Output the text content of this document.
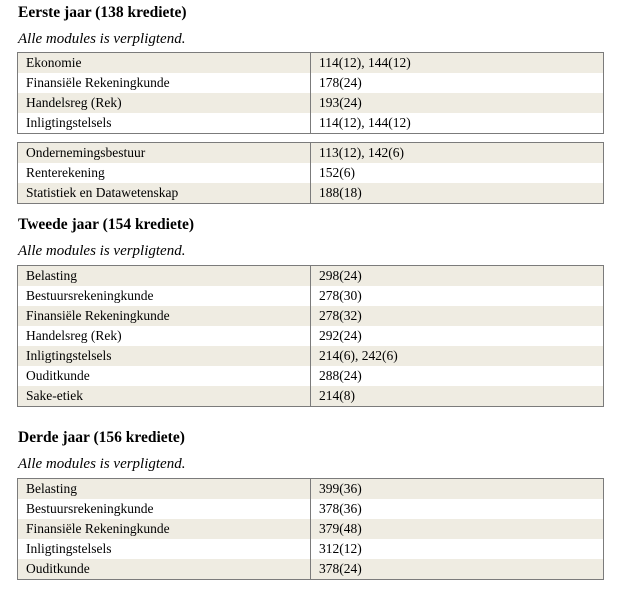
Eerste jaar (138 krediete)
Alle modules is verpligtend.
Ekonomie	114(12), 144(12)
Finansiële Rekeningkunde	178(24)
Handelsreg (Rek)	193(24)
Inligtingstelsels	114(12), 144(12)
Ondernemingsbestuur	113(12), 142(6)
Renterekening	152(6)
Statistiek en Datawetenskap	188(18)
Tweede jaar (154 krediete)
Alle modules is verpligtend.
Belasting	298(24)
Bestuursrekeningkunde	278(30)
Finansiële Rekeningkunde	278(32)
Handelsreg (Rek)	292(24)
Inligtingstelsels	214(6), 242(6)
Ouditkunde	288(24)
Sake-etiek	214(8)
Derde jaar (156 krediete)
Alle modules is verpligtend.
Belasting	399(36)
Bestuursrekeningkunde	378(36)
Finansiële Rekeningkunde	379(48)
Inligtingstelsels	312(12)
Ouditkunde	378(24)
